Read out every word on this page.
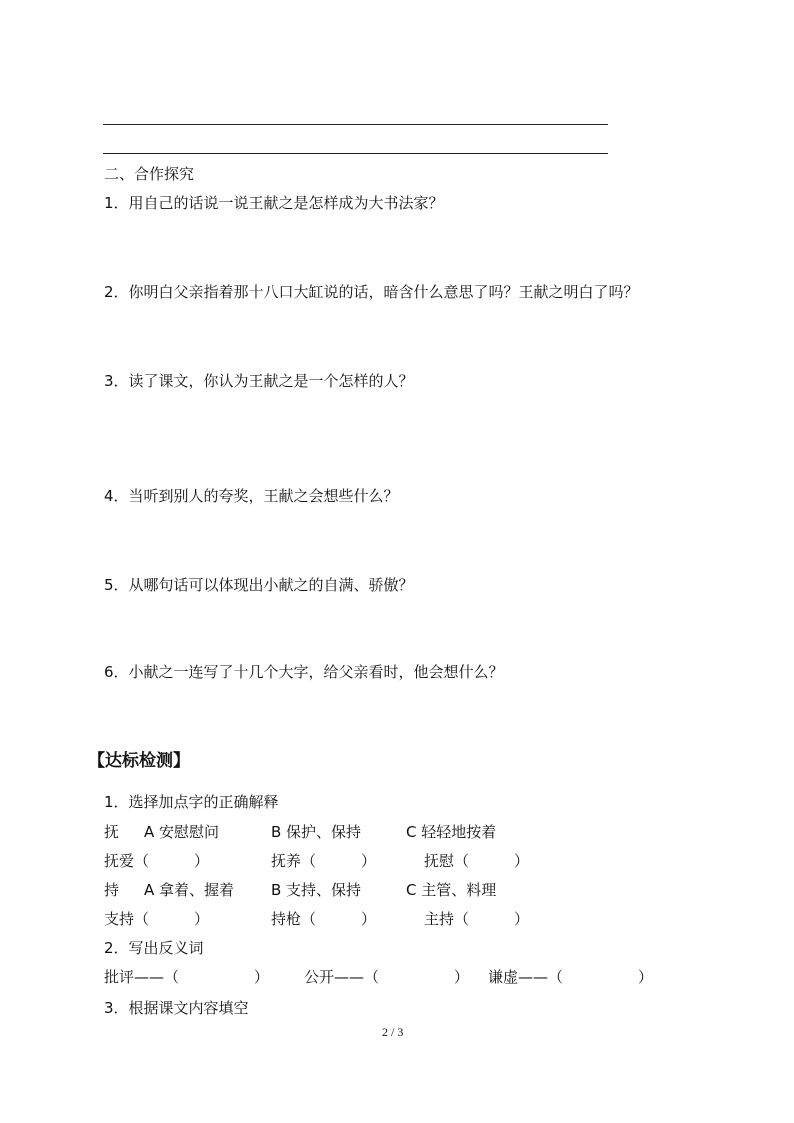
二、合作探究
1．用自己的话说一说王献之是怎样成为大书法家？
2．你明白父亲指着那十八口大缸说的话，暗含什么意思了吗？王献之明白了吗？
3．读了课文，你认为王献之是一个怎样的人？
4．当听到别人的夸奖，王献之会想些什么？
5．从哪句话可以体现出小献之的自满、骄傲？
6．小献之一连写了十几个大字，给父亲看时，他会想什么？
【达标检测】
1．选择加点字的正确解释
抚 A 安慰慰问	B 保护、保持	C 轻轻地按着
抚爱（　　　）	抚养（　　　）	抚慰（　　　）
持 A 拿着、握着 B 支持、保持	C 主管、料理
支持（　　　）	持枪（　　　）	主持（　　　）
2．写出反义词
批评——（　　　　　） 公开——（　　　　　） 谦虚——（　　　　　）
3．根据课文内容填空
2 / 3
